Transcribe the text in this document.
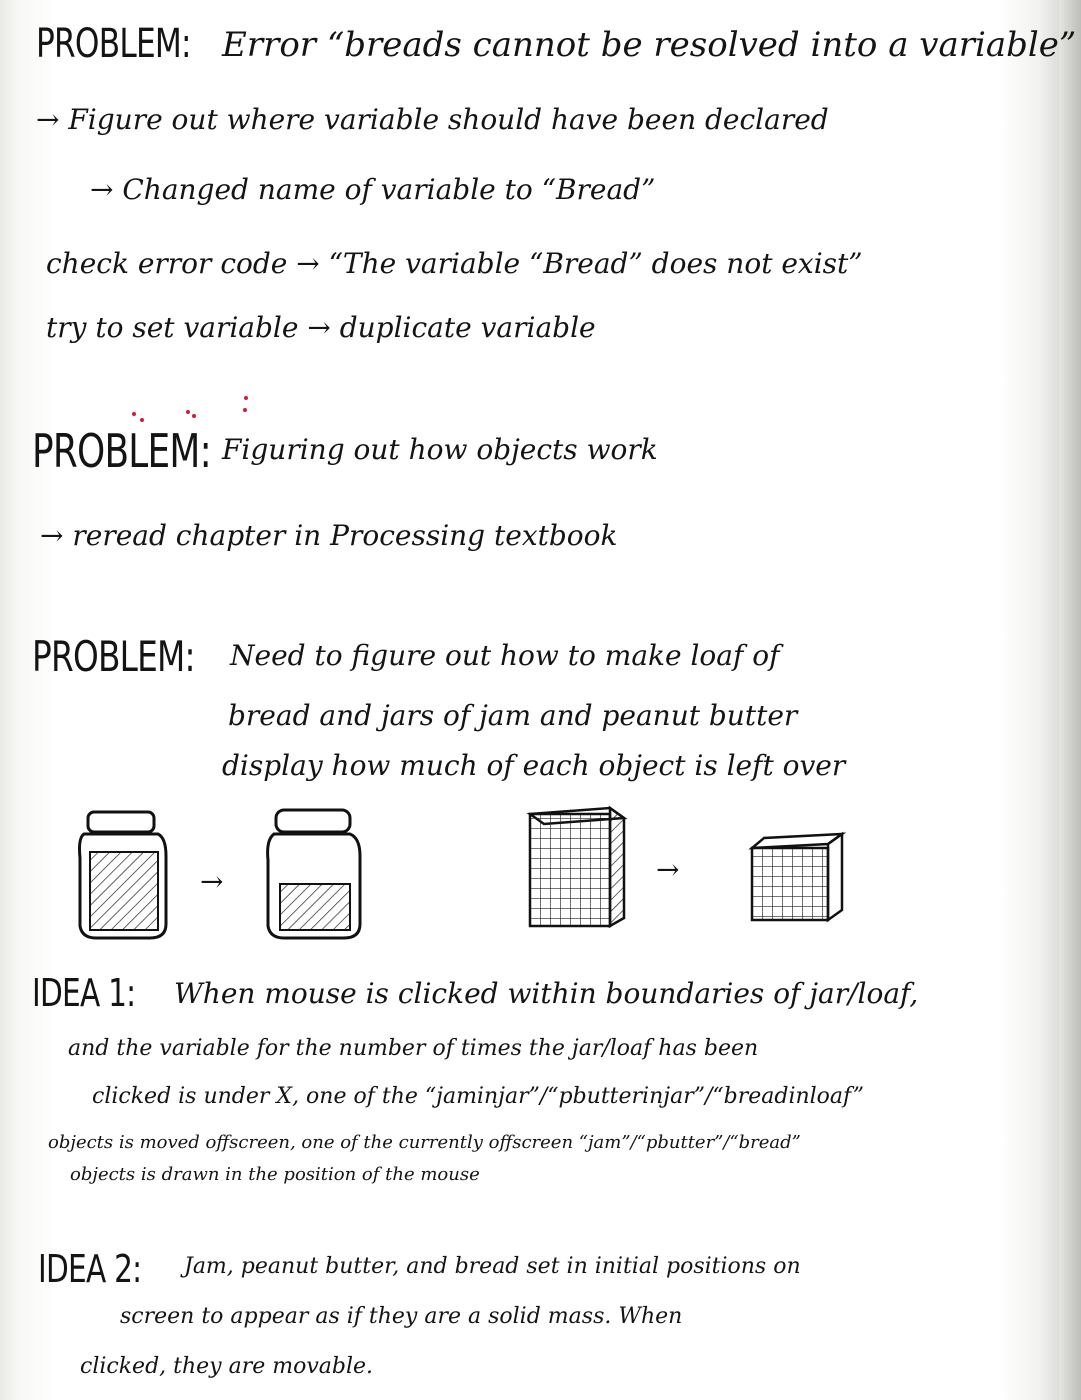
PROBLEM: Error “breads cannot be resolved into a variable”
→ Figure out where variable should have been declared
→ Changed name of variable to “Bread”
check error code → “The variable “Bread” does not exist”
try to set variable → duplicate variable
PROBLEM: Figuring out how objects work
→ reread chapter in Processing textbook
PROBLEM: Need to figure out how to make loaf of
bread and jars of jam and peanut butter
display how much of each object is left over
→	→
IDEA 1: When mouse is clicked within boundaries of jar/loaf,
and the variable for the number of times the jar/loaf has been
clicked is under X, one of the “jaminjar”/“pbutterinjar”/“breadinloaf”
objects is moved offscreen, one of the currently offscreen “jam”/“pbutter”/“bread”
objects is drawn in the position of the mouse
IDEA 2: Jam, peanut butter, and bread set in initial positions on
screen to appear as if they are a solid mass. When
clicked, they are movable.
